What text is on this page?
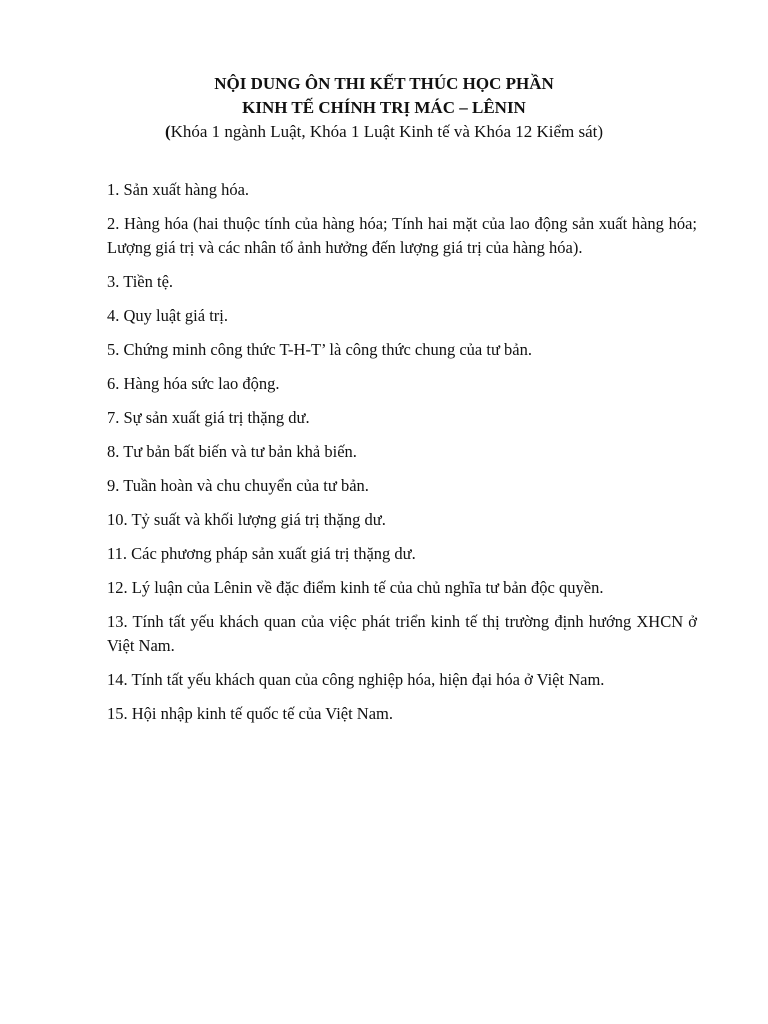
NỘI DUNG ÔN THI KẾT THÚC HỌC PHẦN

KINH TẾ CHÍNH TRỊ MÁC – LÊNIN

(Khóa 1 ngành Luật, Khóa 1 Luật Kinh tế và Khóa 12 Kiểm sát)

1. Sản xuất hàng hóa.
2. Hàng hóa (hai thuộc tính của hàng hóa; Tính hai mặt của lao động sản xuất hàng hóa; Lượng giá trị và các nhân tố ảnh hưởng đến lượng giá trị của hàng hóa).
3. Tiền tệ.
4. Quy luật giá trị.
5. Chứng minh công thức T-H-T’ là công thức chung của tư bản.
6. Hàng hóa sức lao động.
7. Sự sản xuất giá trị thặng dư.
8. Tư bản bất biến và tư bản khả biến.
9. Tuần hoàn và chu chuyển của tư bản.
10. Tỷ suất và khối lượng giá trị thặng dư.
11. Các phương pháp sản xuất giá trị thặng dư.
12. Lý luận của Lênin về đặc điểm kinh tế của chủ nghĩa tư bản độc quyền.
13. Tính tất yếu khách quan của việc phát triển kinh tế thị trường định hướng XHCN ở Việt Nam.
14. Tính tất yếu khách quan của công nghiệp hóa, hiện đại hóa ở Việt Nam.
15. Hội nhập kinh tế quốc tế của Việt Nam.
